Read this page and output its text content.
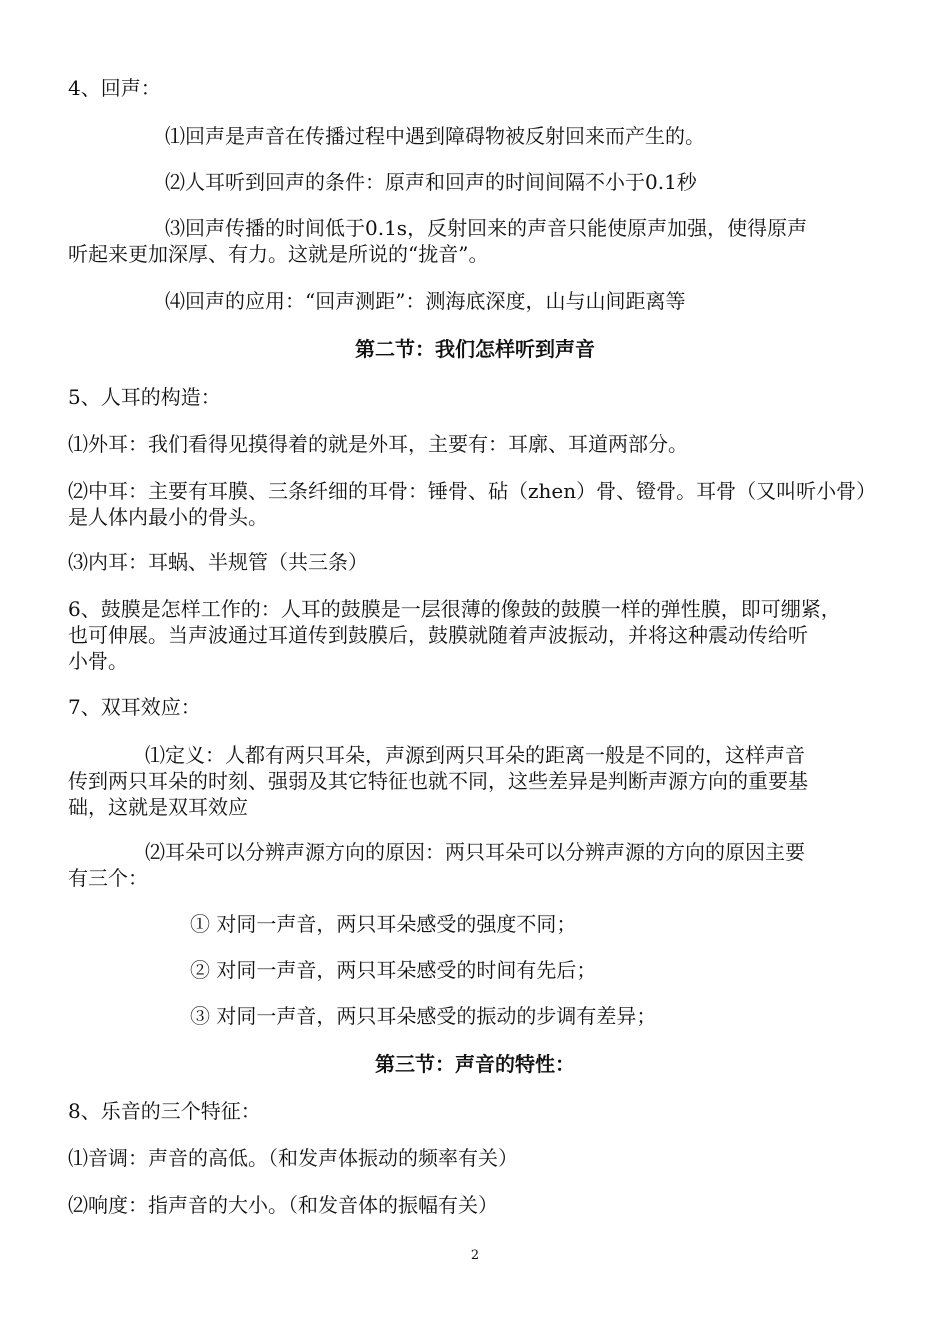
4、回声：
⑴回声是声音在传播过程中遇到障碍物被反射回来而产生的。
⑵人耳听到回声的条件：原声和回声的时间间隔不小于0.1秒
⑶回声传播的时间低于0.1s，反射回来的声音只能使原声加强，使得原声
听起来更加深厚、有力。这就是所说的“拢音”。
⑷回声的应用：“回声测距”：测海底深度，山与山间距离等
第二节：我们怎样听到声音
5、人耳的构造：
⑴外耳：我们看得见摸得着的就是外耳，主要有：耳廓、耳道两部分。
⑵中耳：主要有耳膜、三条纤细的耳骨：锤骨、砧（zhen）骨、镫骨。耳骨（又叫听小骨）
是人体内最小的骨头。
⑶内耳：耳蜗、半规管（共三条）
6、鼓膜是怎样工作的：人耳的鼓膜是一层很薄的像鼓的鼓膜一样的弹性膜，即可绷紧，
也可伸展。当声波通过耳道传到鼓膜后，鼓膜就随着声波振动，并将这种震动传给听
小骨。
7、双耳效应：
⑴定义：人都有两只耳朵，声源到两只耳朵的距离一般是不同的，这样声音
传到两只耳朵的时刻、强弱及其它特征也就不同，这些差异是判断声源方向的重要基
础，这就是双耳效应
⑵耳朵可以分辨声源方向的原因：两只耳朵可以分辨声源的方向的原因主要
有三个：
① 对同一声音，两只耳朵感受的强度不同；
② 对同一声音，两只耳朵感受的时间有先后；
③ 对同一声音，两只耳朵感受的振动的步调有差异；
第三节：声音的特性：
8、乐音的三个特征：
⑴音调：声音的高低。（和发声体振动的频率有关）
⑵响度：指声音的大小。（和发音体的振幅有关）
2
